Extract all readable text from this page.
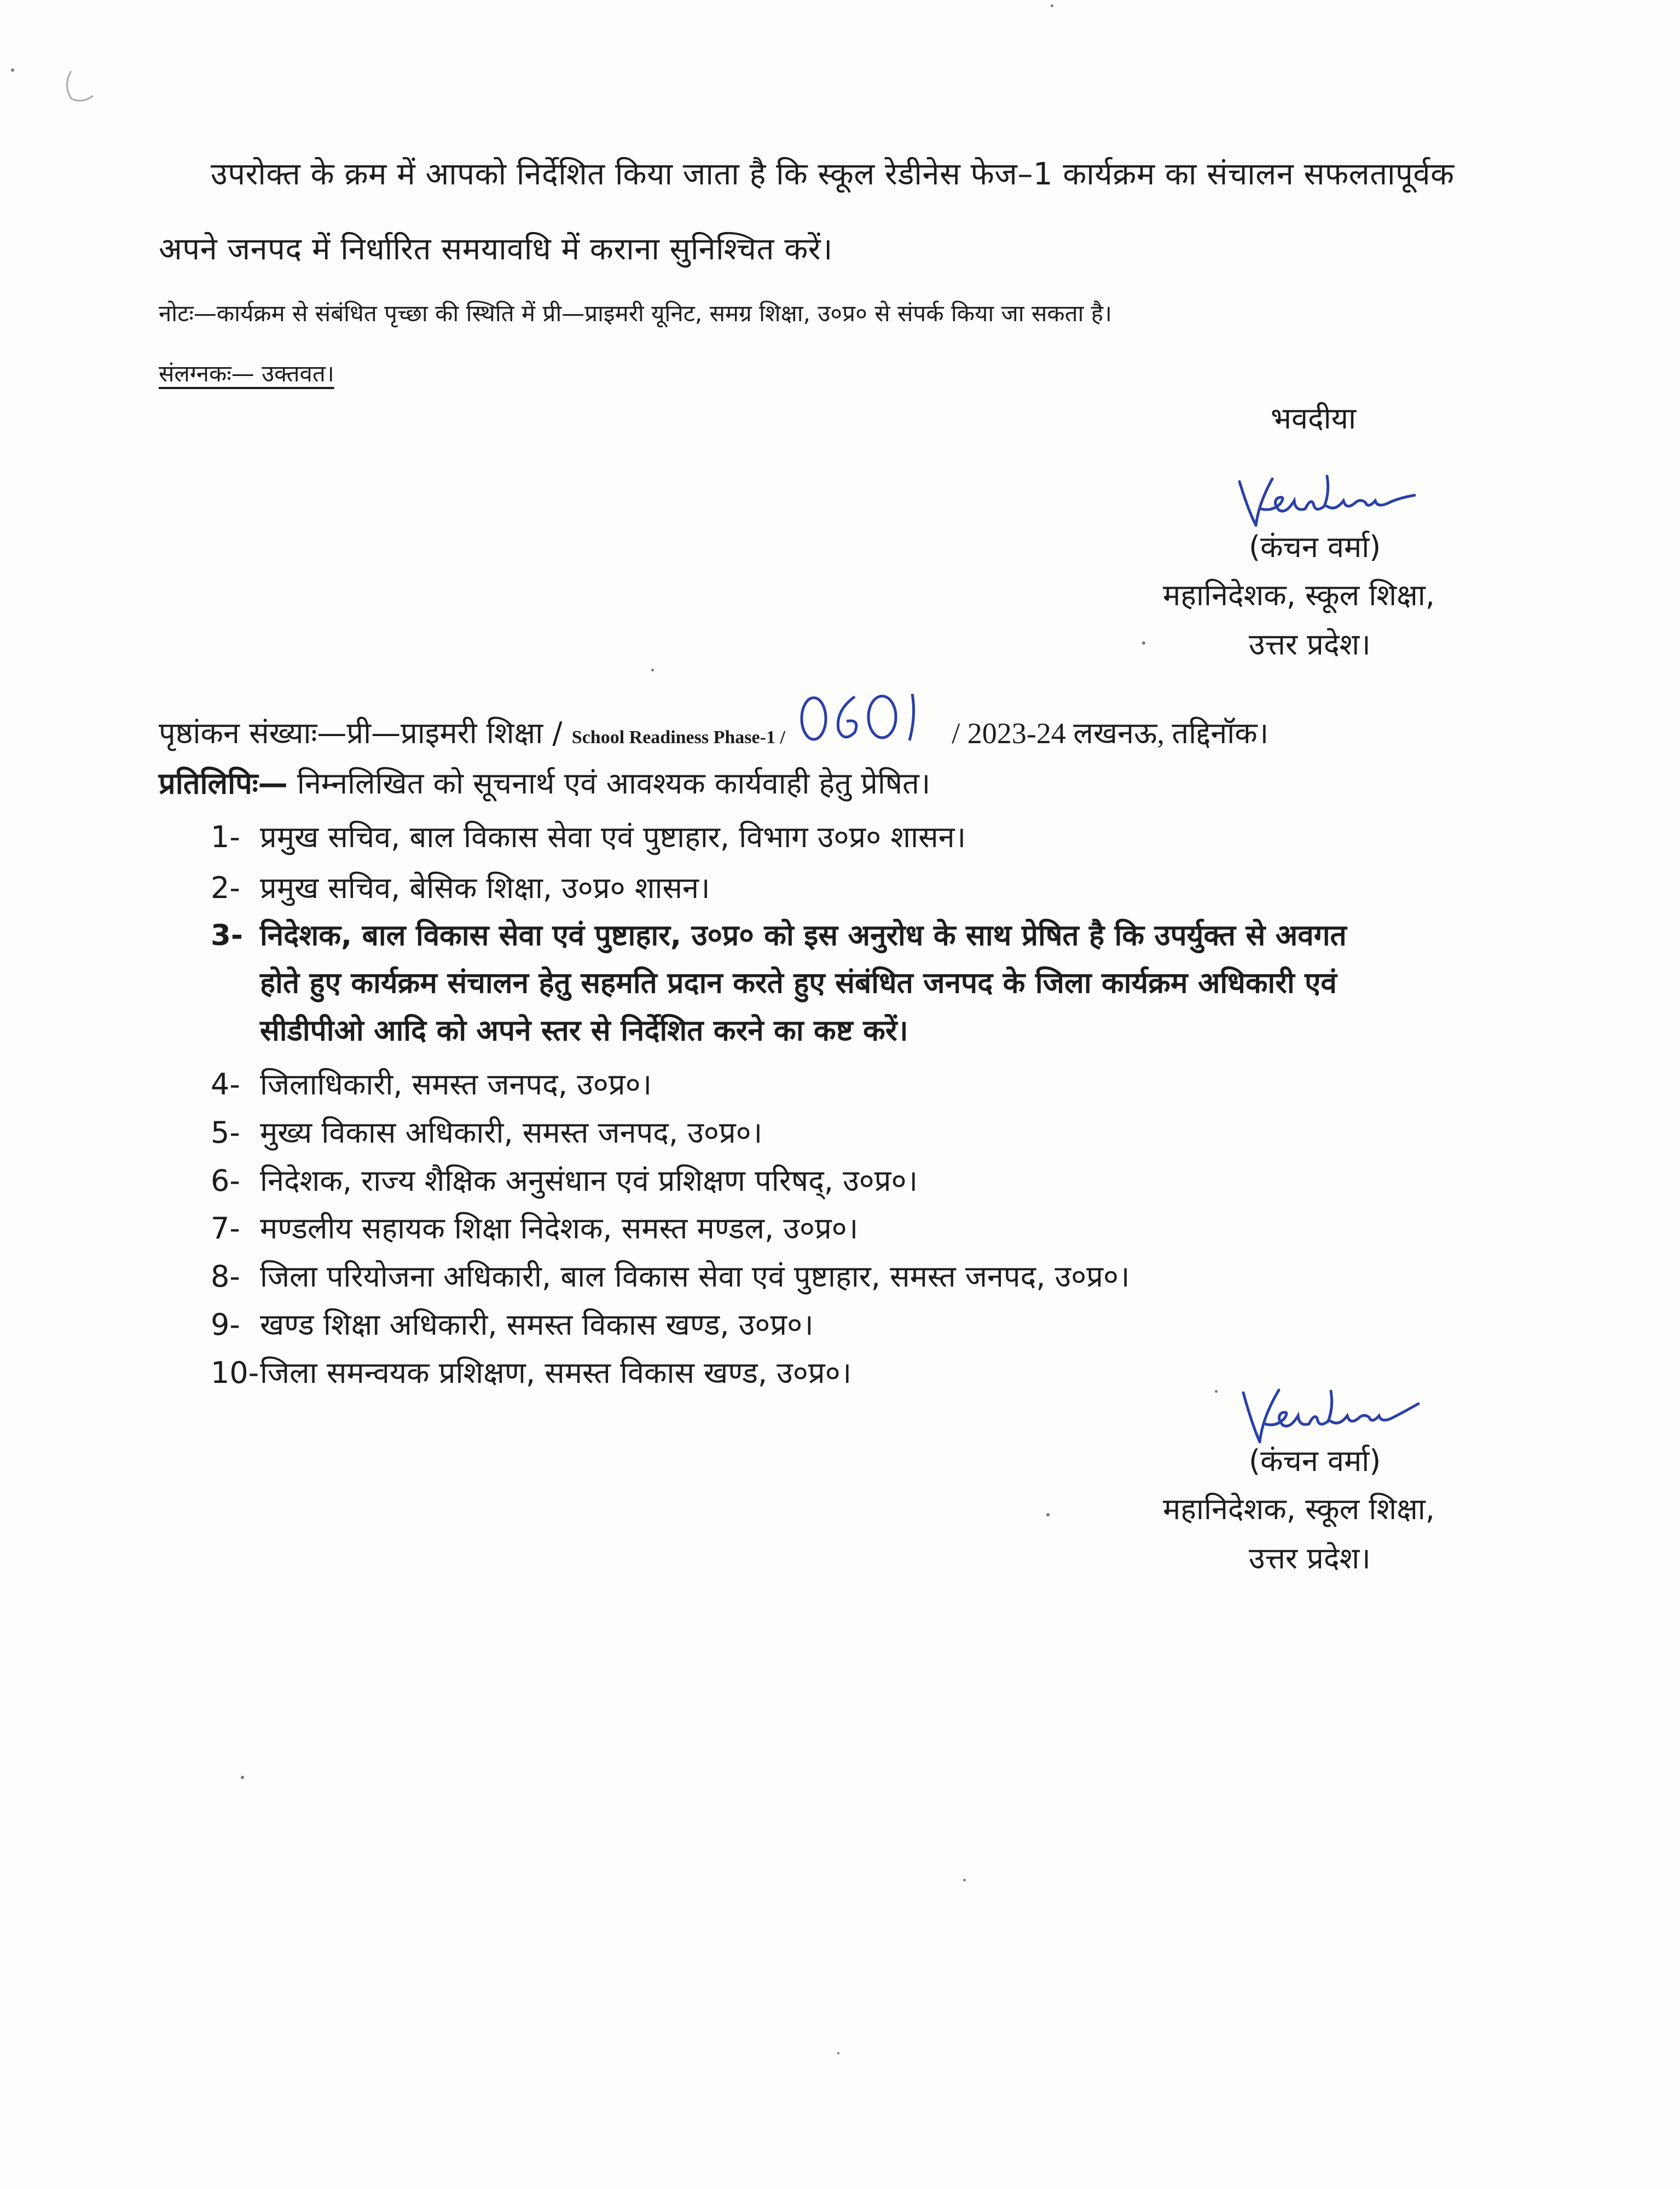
उपरोक्त के क्रम में आपको निर्देशित किया जाता है कि स्कूल रेडीनेस फेज–1 कार्यक्रम का संचालन सफलतापूर्वक
अपने जनपद में निर्धारित समयावधि में कराना सुनिश्चित करें।
नोटः—कार्यक्रम से संबंधित पृच्छा की स्थिति में प्री—प्राइमरी यूनिट, समग्र शिक्षा, उ०प्र० से संपर्क किया जा सकता है।
संलग्नकः— उक्तवत।
भवदीया
(कंचन वर्मा)
महानिदेशक, स्कूल शिक्षा,
उत्तर प्रदेश।
पृष्ठांकन संख्याः—प्री—प्राइमरी शिक्षा / School Readiness Phase-1 /	/ 2023-24 लखनऊ, तद्दिनॉक।
प्रतिलिपिः— निम्नलिखित को सूचनार्थ एवं आवश्यक कार्यवाही हेतु प्रेषित।
1- प्रमुख सचिव, बाल विकास सेवा एवं पुष्टाहार, विभाग उ०प्र० शासन।
2- प्रमुख सचिव, बेसिक शिक्षा, उ०प्र० शासन।
3- निदेशक, बाल विकास सेवा एवं पुष्टाहार, उ०प्र० को इस अनुरोध के साथ प्रेषित है कि उपर्युक्त से अवगत
होते हुए कार्यक्रम संचालन हेतु सहमति प्रदान करते हुए संबंधित जनपद के जिला कार्यक्रम अधिकारी एवं
सीडीपीओ आदि को अपने स्तर से निर्देशित करने का कष्ट करें।
4- जिलाधिकारी, समस्त जनपद, उ०प्र०।
5- मुख्य विकास अधिकारी, समस्त जनपद, उ०प्र०।
6- निदेशक, राज्य शैक्षिक अनुसंधान एवं प्रशिक्षण परिषद्, उ०प्र०।
7- मण्डलीय सहायक शिक्षा निदेशक, समस्त मण्डल, उ०प्र०।
8- जिला परियोजना अधिकारी, बाल विकास सेवा एवं पुष्टाहार, समस्त जनपद, उ०प्र०।
9- खण्ड शिक्षा अधिकारी, समस्त विकास खण्ड, उ०प्र०।
10-जिला समन्वयक प्रशिक्षण, समस्त विकास खण्ड, उ०प्र०।
(कंचन वर्मा)
महानिदेशक, स्कूल शिक्षा,
उत्तर प्रदेश।
